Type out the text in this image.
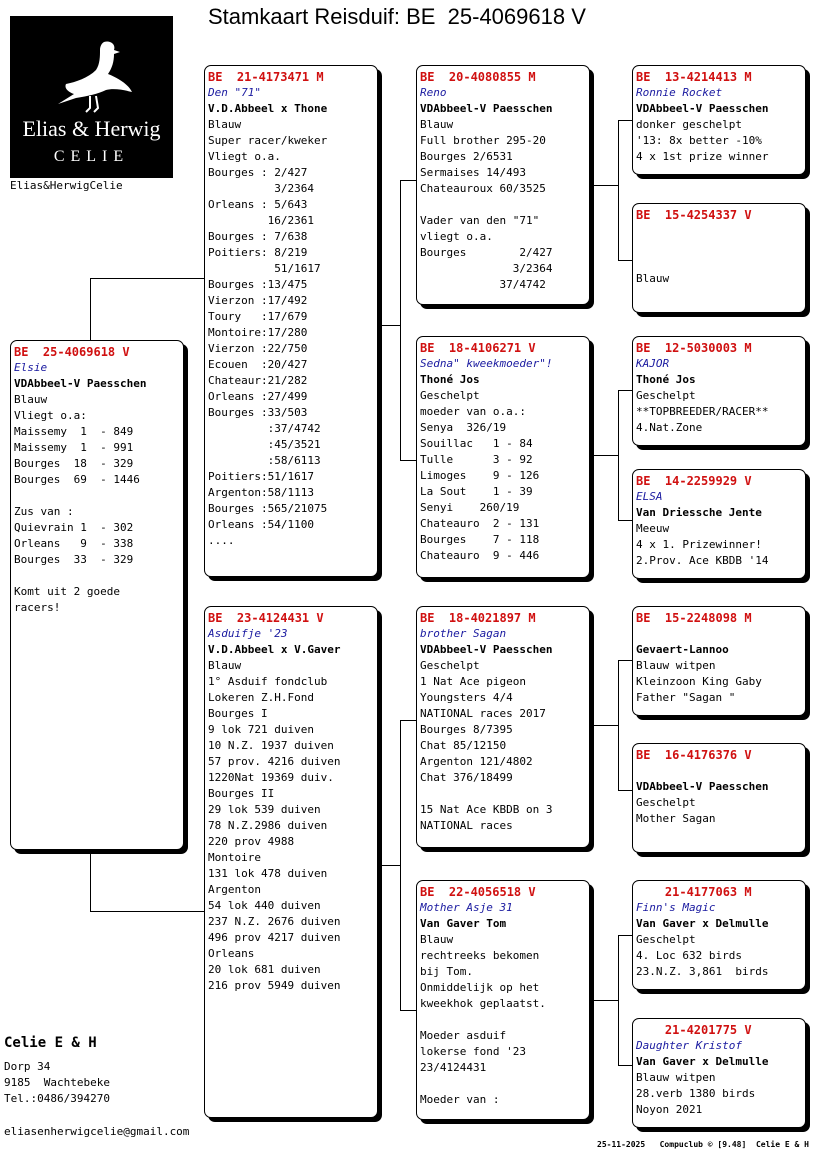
Stamkaart Reisduif: BE  25-4069618 V
Elias & Herwig
CELIE
Elias&HerwigCelie
BE  25-4069618 V
Elsie
VDAbbeel-V Paesschen
Blauw
Vliegt o.a:
Maissemy  1  - 849
Maissemy  1  - 991
Bourges  18  - 329
Bourges  69  - 1446
Zus van :
Quievrain 1  - 302
Orleans   9  - 338
Bourges  33  - 329
Komt uit 2 goede
racers!
BE  21-4173471 M
Den "71"
V.D.Abbeel x Thone
Blauw
Super racer/kweker
Vliegt o.a.
Bourges : 2/427
3/2364
Orleans : 5/643
16/2361
Bourges : 7/638
Poitiers: 8/219
51/1617
Bourges :13/475
Vierzon :17/492
Toury   :17/679
Montoire:17/280
Vierzon :22/750
Ecouen  :20/427
Chateaur:21/282
Orleans :27/499
Bourges :33/503
:37/4742
:45/3521
:58/6113
Poitiers:51/1617
Argenton:58/1113
Bourges :565/21075
Orleans :54/1100
....
BE  23-4124431 V
Asduifje '23
V.D.Abbeel x V.Gaver
Blauw
1° Asduif fondclub
Lokeren Z.H.Fond
Bourges I
9 lok 721 duiven
10 N.Z. 1937 duiven
57 prov. 4216 duiven
1220Nat 19369 duiv.
Bourges II
29 lok 539 duiven
78 N.Z.2986 duiven
220 prov 4988
Montoire
131 lok 478 duiven
Argenton
54 lok 440 duiven
237 N.Z. 2676 duiven
496 prov 4217 duiven
Orleans
20 lok 681 duiven
216 prov 5949 duiven
BE  20-4080855 M
Reno
VDAbbeel-V Paesschen
Blauw
Full brother 295-20
Bourges 2/6531
Sermaises 14/493
Chateauroux 60/3525
Vader van den "71"
vliegt o.a.
Bourges        2/427
3/2364
37/4742
BE  18-4106271 V
Sedna" kweekmoeder"!
Thoné Jos
Geschelpt
moeder van o.a.:
Senya  326/19
Souillac   1 - 84
Tulle      3 - 92
Limoges    9 - 126
La Sout    1 - 39
Senyi    260/19
Chateauro  2 - 131
Bourges    7 - 118
Chateauro  9 - 446
BE  18-4021897 M
brother Sagan
VDAbbeel-V Paesschen
Geschelpt
1 Nat Ace pigeon
Youngsters 4/4
NATIONAL races 2017
Bourges 8/7395
Chat 85/12150
Argenton 121/4802
Chat 376/18499
15 Nat Ace KBDB on 3
NATIONAL races
BE  22-4056518 V
Mother Asje 31
Van Gaver Tom
Blauw
rechtreeks bekomen
bij Tom.
Onmiddelijk op het
kweekhok geplaatst.
Moeder asduif
lokerse fond '23
23/4124431
Moeder van :
BE  13-4214413 M
Ronnie Rocket
VDAbbeel-V Paesschen
donker geschelpt
'13: 8x better -10%
4 x 1st prize winner
BE  15-4254337 V
Blauw
BE  12-5030003 M
KAJOR
Thoné Jos
Geschelpt
**TOPBREEDER/RACER**
4.Nat.Zone
BE  14-2259929 V
ELSA
Van Driessche Jente
Meeuw
4 x 1. Prizewinner!
2.Prov. Ace KBDB '14
BE  15-2248098 M
Gevaert-Lannoo
Blauw witpen
Kleinzoon King Gaby
Father "Sagan "
BE  16-4176376 V
VDAbbeel-V Paesschen
Geschelpt
Mother Sagan
21-4177063 M
Finn's Magic
Van Gaver x Delmulle
Geschelpt
4. Loc 632 birds
23.N.Z. 3,861  birds
21-4201775 V
Daughter Kristof
Van Gaver x Delmulle
Blauw witpen
28.verb 1380 birds
Noyon 2021
Celie E & H
Dorp 34
9185  Wachtebeke
Tel.:0486/394270
eliasenherwigcelie@gmail.com
25-11-2025   Compuclub © [9.48]  Celie E & H
